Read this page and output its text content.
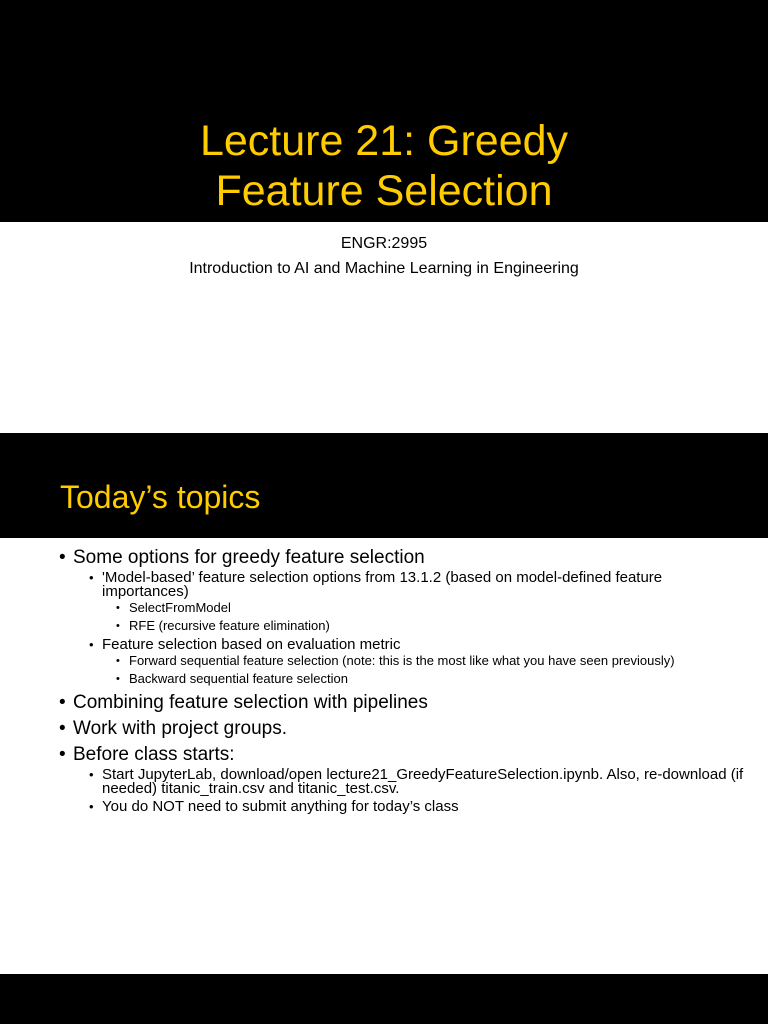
Lecture 21: Greedy
Feature Selection
ENGR:2995
Introduction to AI and Machine Learning in Engineering
Today’s topics
• Some options for greedy feature selection
• 'Model-based’ feature selection options from 13.1.2 (based on model-defined feature importances)
• SelectFromModel
• RFE (recursive feature elimination)
• Feature selection based on evaluation metric
• Forward sequential feature selection (note: this is the most like what you have seen previously)
• Backward sequential feature selection
• Combining feature selection with pipelines
• Work with project groups.
• Before class starts:
• Start JupyterLab, download/open lecture21_GreedyFeatureSelection.ipynb. Also, re-download (if needed) titanic_train.csv and titanic_test.csv.
• You do NOT need to submit anything for today’s class
